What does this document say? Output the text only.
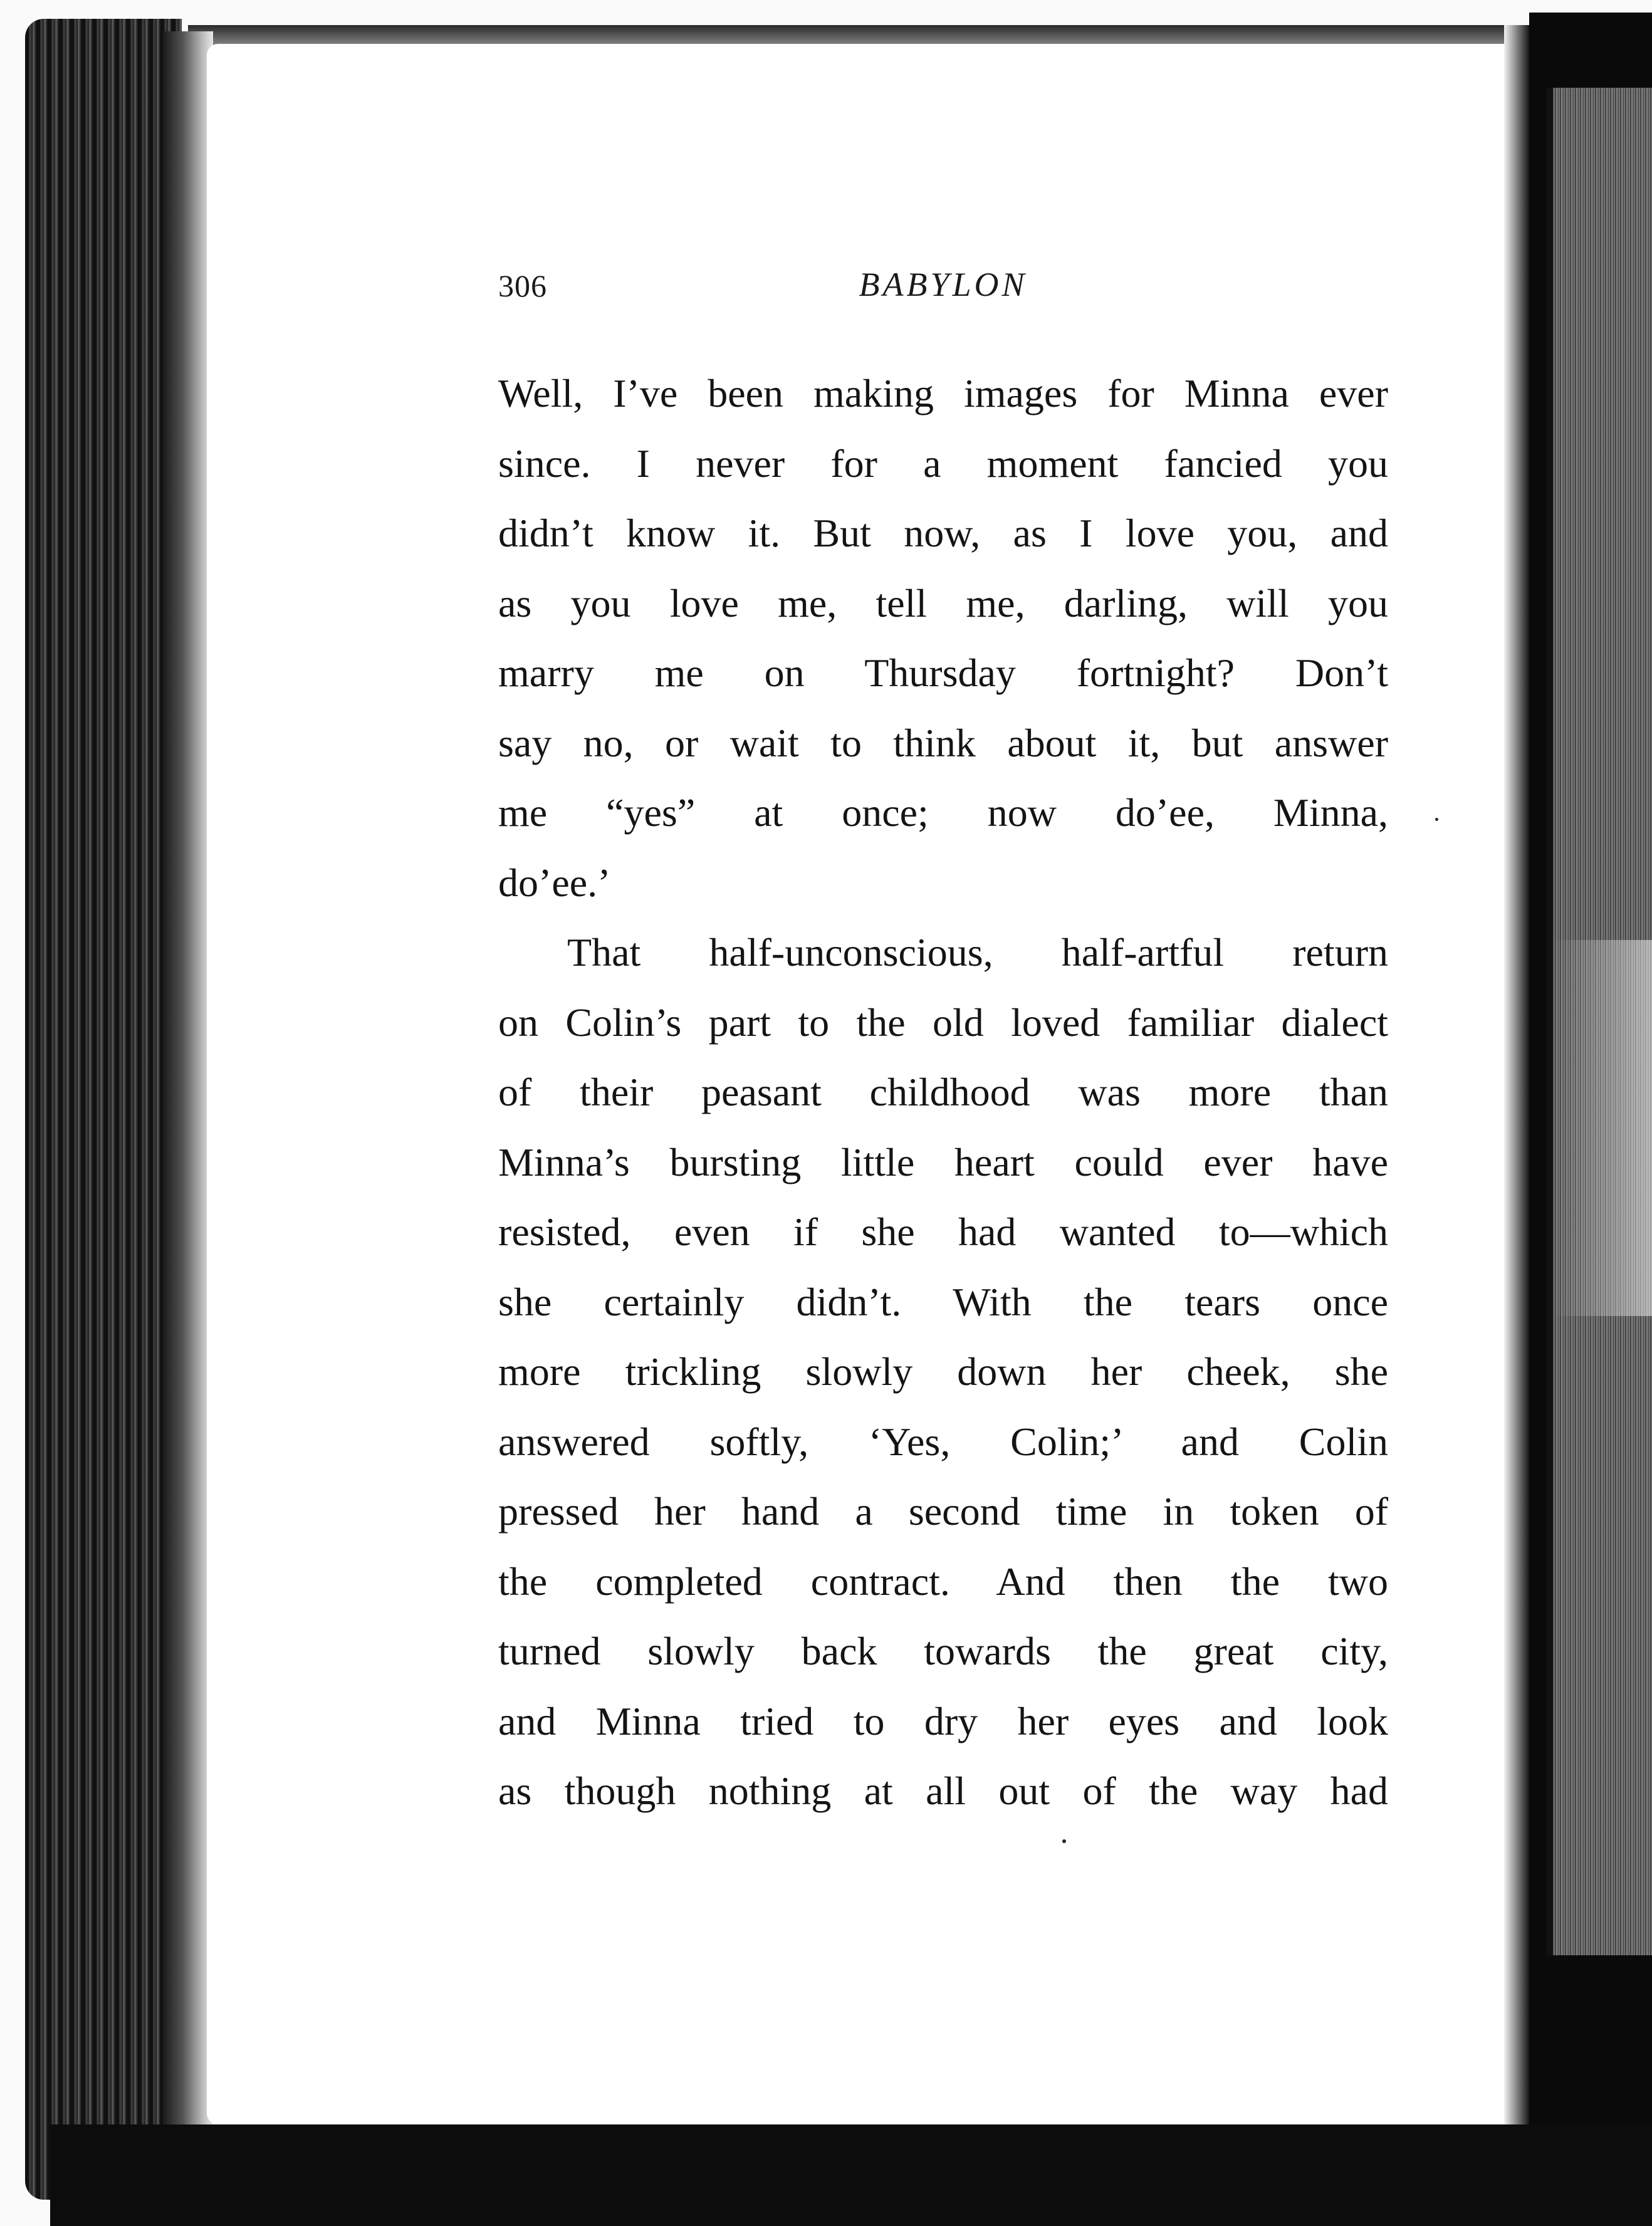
306	BABYLON
Well, I’ve been making images for Minna ever
since. I never for a moment fancied you
didn’t know it. But now, as I love you, and
as you love me, tell me, darling, will you
marry me on Thursday fortnight? Don’t
say no, or wait to think about it, but answer
me “yes” at once; now do’ee, Minna,
do’ee.’
That half-unconscious, half-artful return
on Colin’s part to the old loved familiar dialect
of their peasant childhood was more than
Minna’s bursting little heart could ever have
resisted, even if she had wanted to—which
she certainly didn’t. With the tears once
more trickling slowly down her cheek, she
answered softly, ‘Yes, Colin;’ and Colin
pressed her hand a second time in token of
the completed contract. And then the two
turned slowly back towards the great city,
and Minna tried to dry her eyes and look
as though nothing at all out of the way had
